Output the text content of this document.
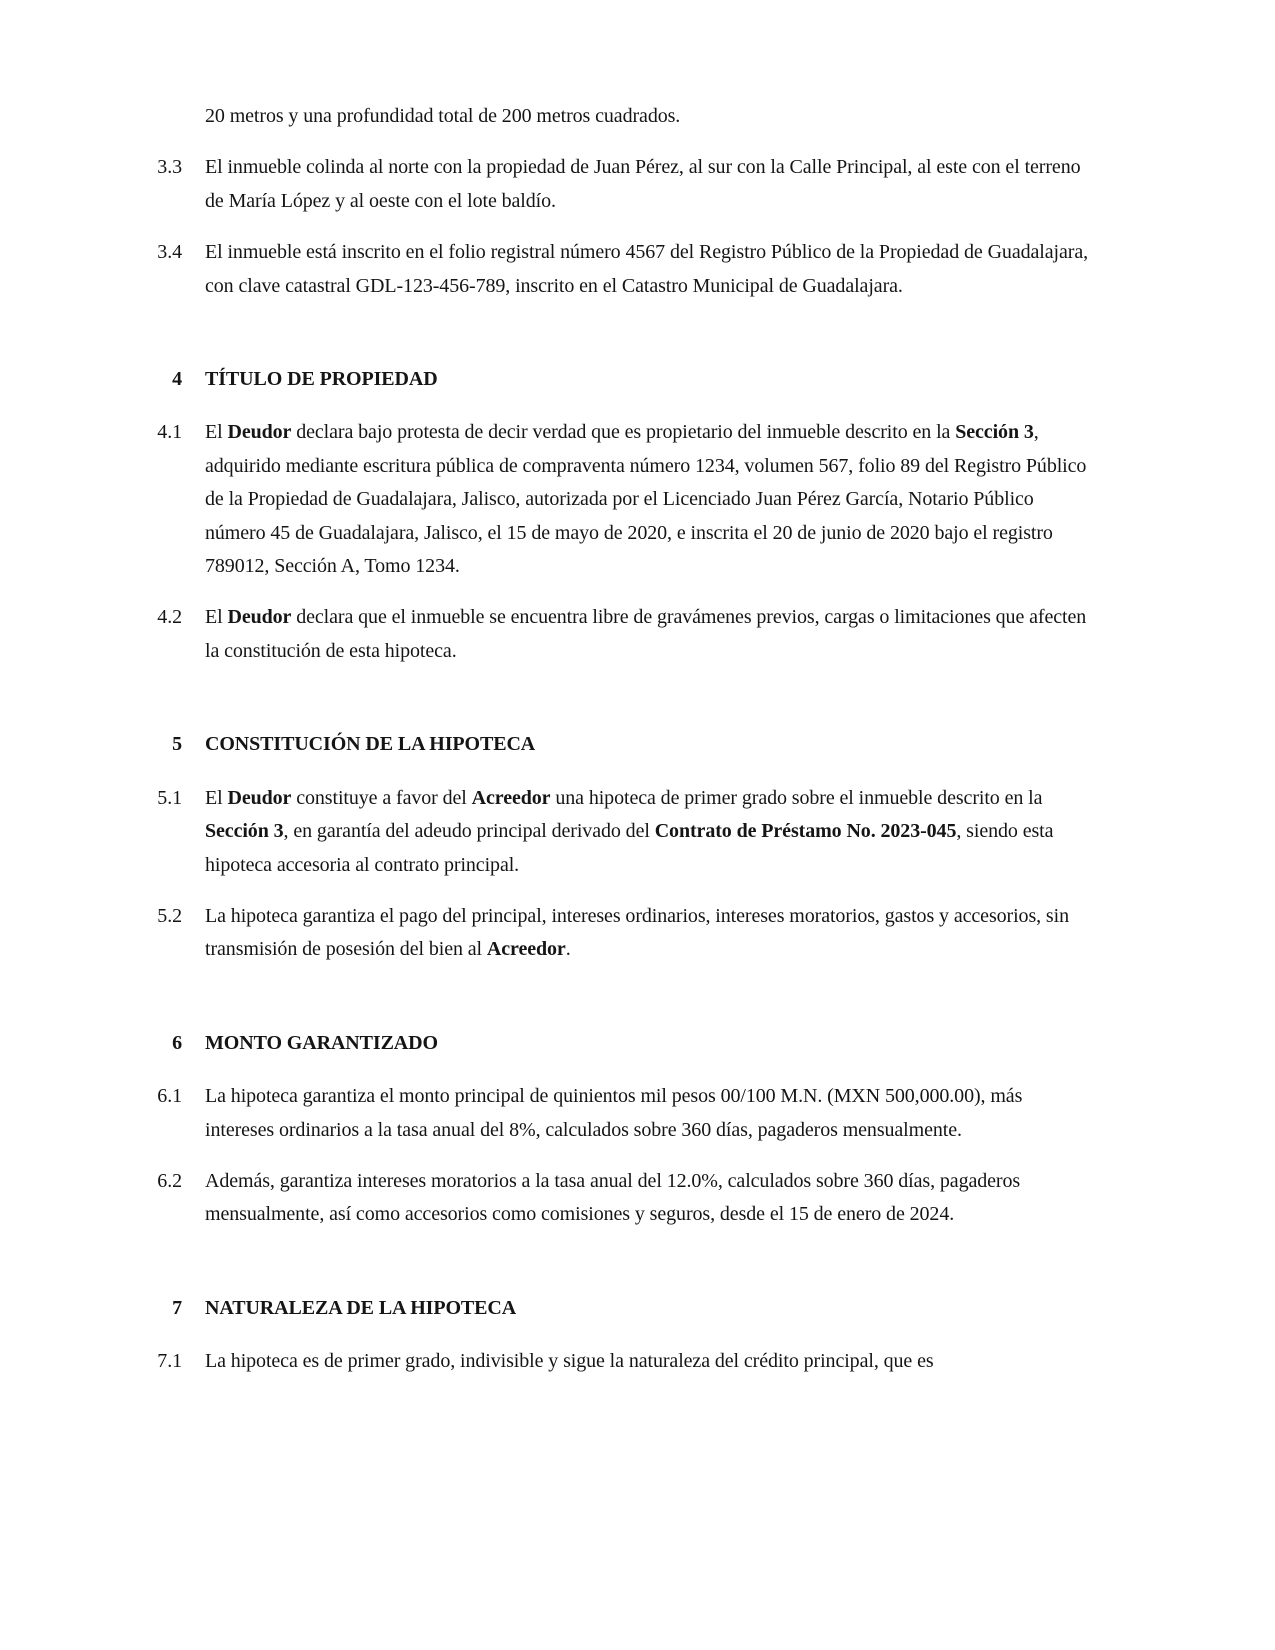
20 metros y una profundidad total de 200 metros cuadrados.
3.3 El inmueble colinda al norte con la propiedad de Juan Pérez, al sur con la Calle Principal, al este con el terreno de María López y al oeste con el lote baldío.
3.4 El inmueble está inscrito en el folio registral número 4567 del Registro Público de la Propiedad de Guadalajara, con clave catastral GDL-123-456-789, inscrito en el Catastro Municipal de Guadalajara.
4 TÍTULO DE PROPIEDAD
4.1 El Deudor declara bajo protesta de decir verdad que es propietario del inmueble descrito en la Sección 3, adquirido mediante escritura pública de compraventa número 1234, volumen 567, folio 89 del Registro Público de la Propiedad de Guadalajara, Jalisco, autorizada por el Licenciado Juan Pérez García, Notario Público número 45 de Guadalajara, Jalisco, el 15 de mayo de 2020, e inscrita el 20 de junio de 2020 bajo el registro 789012, Sección A, Tomo 1234.
4.2 El Deudor declara que el inmueble se encuentra libre de gravámenes previos, cargas o limitaciones que afecten la constitución de esta hipoteca.
5 CONSTITUCIÓN DE LA HIPOTECA
5.1 El Deudor constituye a favor del Acreedor una hipoteca de primer grado sobre el inmueble descrito en la Sección 3, en garantía del adeudo principal derivado del Contrato de Préstamo No. 2023-045, siendo esta hipoteca accesoria al contrato principal.
5.2 La hipoteca garantiza el pago del principal, intereses ordinarios, intereses moratorios, gastos y accesorios, sin transmisión de posesión del bien al Acreedor.
6 MONTO GARANTIZADO
6.1 La hipoteca garantiza el monto principal de quinientos mil pesos 00/100 M.N. (MXN 500,000.00), más intereses ordinarios a la tasa anual del 8%, calculados sobre 360 días, pagaderos mensualmente.
6.2 Además, garantiza intereses moratorios a la tasa anual del 12.0%, calculados sobre 360 días, pagaderos mensualmente, así como accesorios como comisiones y seguros, desde el 15 de enero de 2024.
7 NATURALEZA DE LA HIPOTECA
7.1 La hipoteca es de primer grado, indivisible y sigue la naturaleza del crédito principal, que es
